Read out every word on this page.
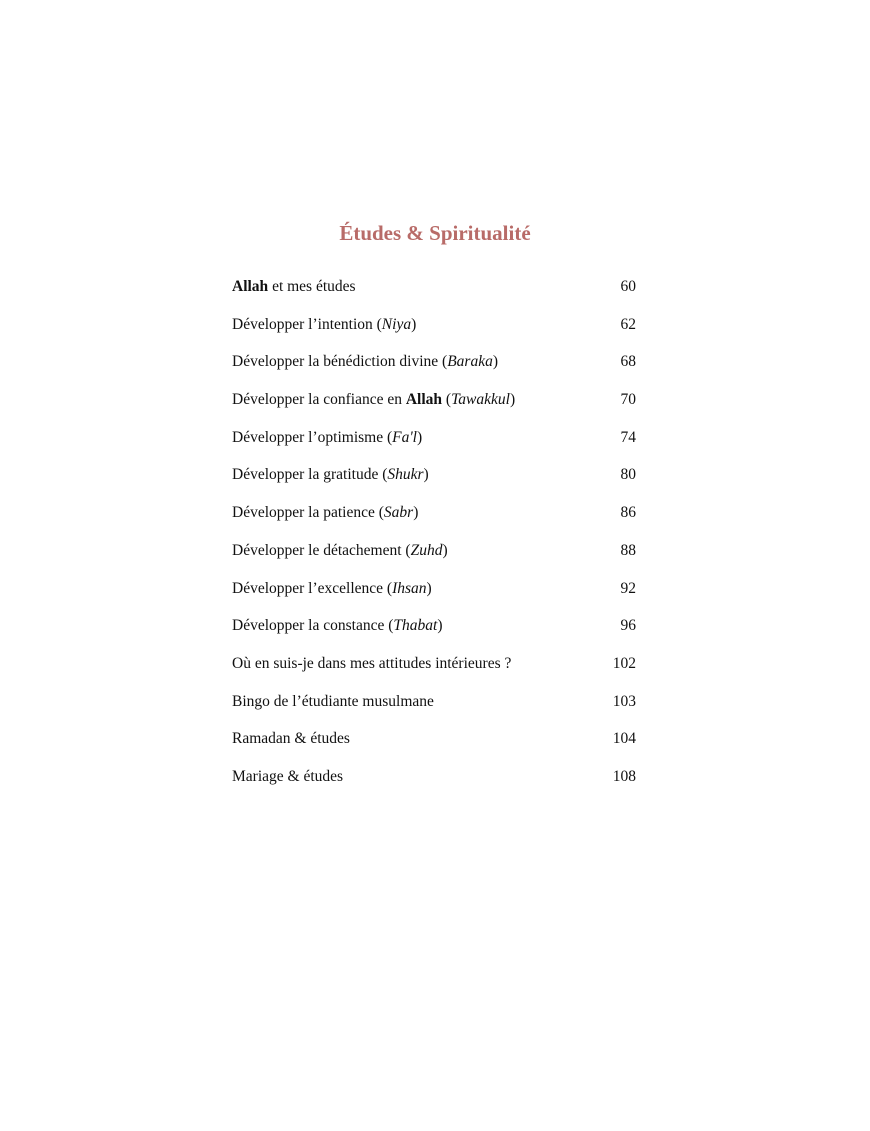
Études & Spiritualité
Allah et mes études	60
Développer l’intention (Niya)	62
Développer la bénédiction divine (Baraka)	68
Développer la confiance en Allah (Tawakkul)	70
Développer l’optimisme (Fa'l)	74
Développer la gratitude (Shukr)	80
Développer la patience (Sabr)	86
Développer le détachement (Zuhd)	88
Développer l’excellence (Ihsan)	92
Développer la constance (Thabat)	96
Où en suis-je dans mes attitudes intérieures ?	102
Bingo de l’étudiante musulmane	103
Ramadan & études	104
Mariage & études	108
